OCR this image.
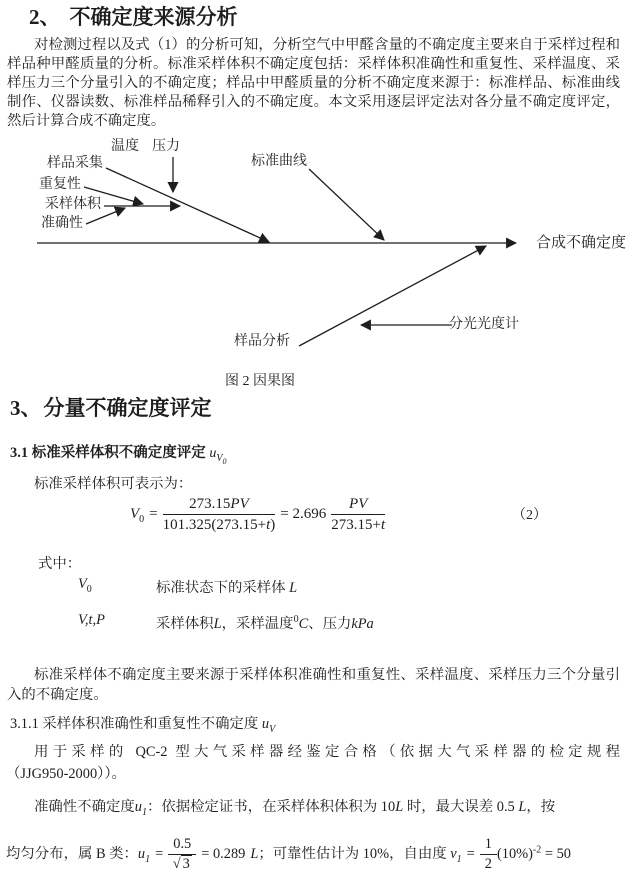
2、 不确定度来源分析
对检测过程以及式（1）的分析可知，分析空气中甲醛含量的不确定度主要来自于采样过程和样品种甲醛质量的分析。标准采样体积不确定度包括：采样体积准确性和重复性、采样温度、采样压力三个分量引入的不确定度；样品中甲醛质量的分析不确定度来源于：标准样品、标准曲线制作、仪器读数、标准样品稀释引入的不确定度。本文采用逐层评定法对各分量不确定度评定，然后计算合成不确定度。
温度 压力
样品采集
重复性
采样体积
准确性
标准曲线
合成不确定度
分光光度计
样品分析
图 2 因果图
3、分量不确定度评定
3.1 标准采样体积不确定度评定 $u_{V_0}$
标准采样体积可表示为：
$V_0 = \frac{273.15PV}{101.325(273.15+t)} = 2.696 \frac{PV}{273.15+t}$	（2）
式中：
$V_0$	标准状态下的采样体 L
V,t,P	采样体积L，采样温度$^0$C、压力kPa
标准采样体不确定度主要来源于采样体积准确性和重复性、采样温度、采样压力三个分量引入的不确定度。
3.1.1 采样体积准确性和重复性不确定度 $u_V$
用于采样的 QC-2 型大气采样器经鉴定合格（依据大气采样器的检定规程
（JJG950-2000））。
准确性不确定度$u_1$：依据检定证书，在采样体积体积为 10L 时，最大误差 0.5 L，按
均匀分布，属 B 类：$u_1 = \frac{0.5}{√ 3} = 0.289$ L；可靠性估计为 10%，自由度 $\nu_1 = \frac{1}{2} (10\%)^{-2} = 50$
